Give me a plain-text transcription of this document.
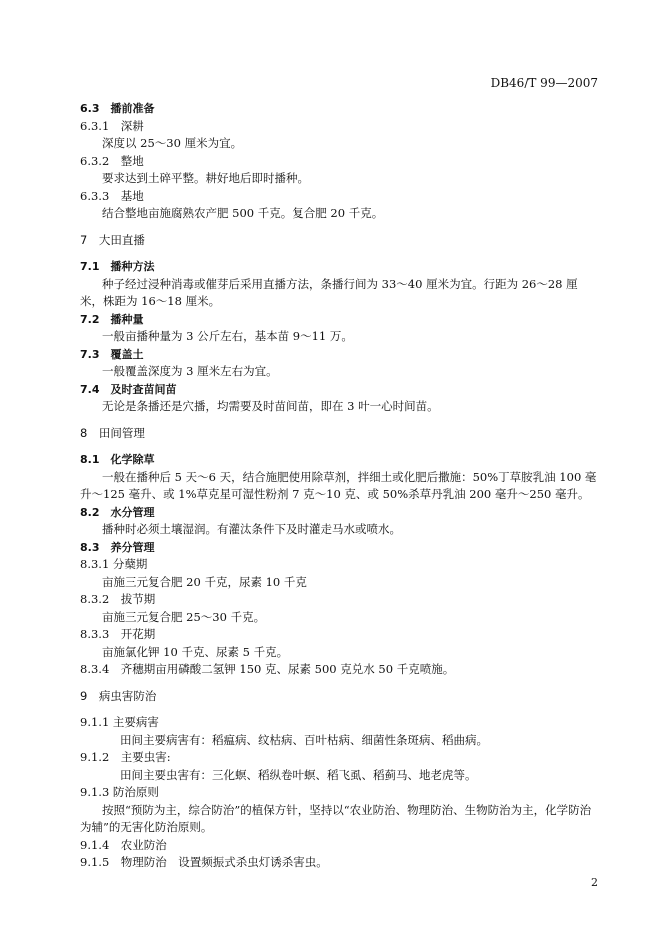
DB46/T 99—2007
6.3　播前准备
6.3.1　深耕
深度以 25～30 厘米为宜。
6.3.2　整地
要求达到土碎平整。耕好地后即时播种。
6.3.3　基地
结合整地亩施腐熟农产肥 500 千克。复合肥 20 千克。
7　大田直播
7.1　播种方法
种子经过浸种消毒或催芽后采用直播方法，条播行间为 33～40 厘米为宜。行距为 26～28 厘米，株距为 16～18 厘米。
7.2　播种量
一般亩播种量为 3 公斤左右，基本苗 9～11 万。
7.3　覆盖土
一般覆盖深度为 3 厘米左右为宜。
7.4　及时查苗间苗
无论是条播还是穴播，均需要及时苗间苗，即在 3 叶一心时间苗。
8　田间管理
8.1　化学除草
一般在播种后 5 天～6 天，结合施肥使用除草剂，拌细土或化肥后撒施：50%丁草胺乳油 100 毫升～125 毫升、或 1%草克星可湿性粉剂 7 克～10 克、或 50%杀草丹乳油 200 毫升～250 毫升。
8.2　水分管理
播种时必须土壤湿润。有灌汰条件下及时灌走马水或喷水。
8.3　养分管理
8.3.1 分蘖期
亩施三元复合肥 20 千克，尿素 10 千克
8.3.2　拔节期
亩施三元复合肥 25～30 千克。
8.3.3　开花期
亩施氯化钾 10 千克、尿素 5 千克。
8.3.4　齐穗期亩用磷酸二氢钾 150 克、尿素 500 克兑水 50 千克喷施。
9　病虫害防治
9.1.1 主要病害
田间主要病害有：稻瘟病、纹枯病、百叶枯病、细菌性条斑病、稻曲病。
9.1.2　主要虫害:
田间主要虫害有：三化螟、稻纵卷叶螟、稻飞虱、稻蓟马、地老虎等。
9.1.3 防治原则
按照“预防为主，综合防治”的植保方针，坚持以“农业防治、物理防治、生物防治为主，化学防治为辅”的无害化防治原则。
9.1.4　农业防治
9.1.5　物理防治　设置频振式杀虫灯诱杀害虫。
2
